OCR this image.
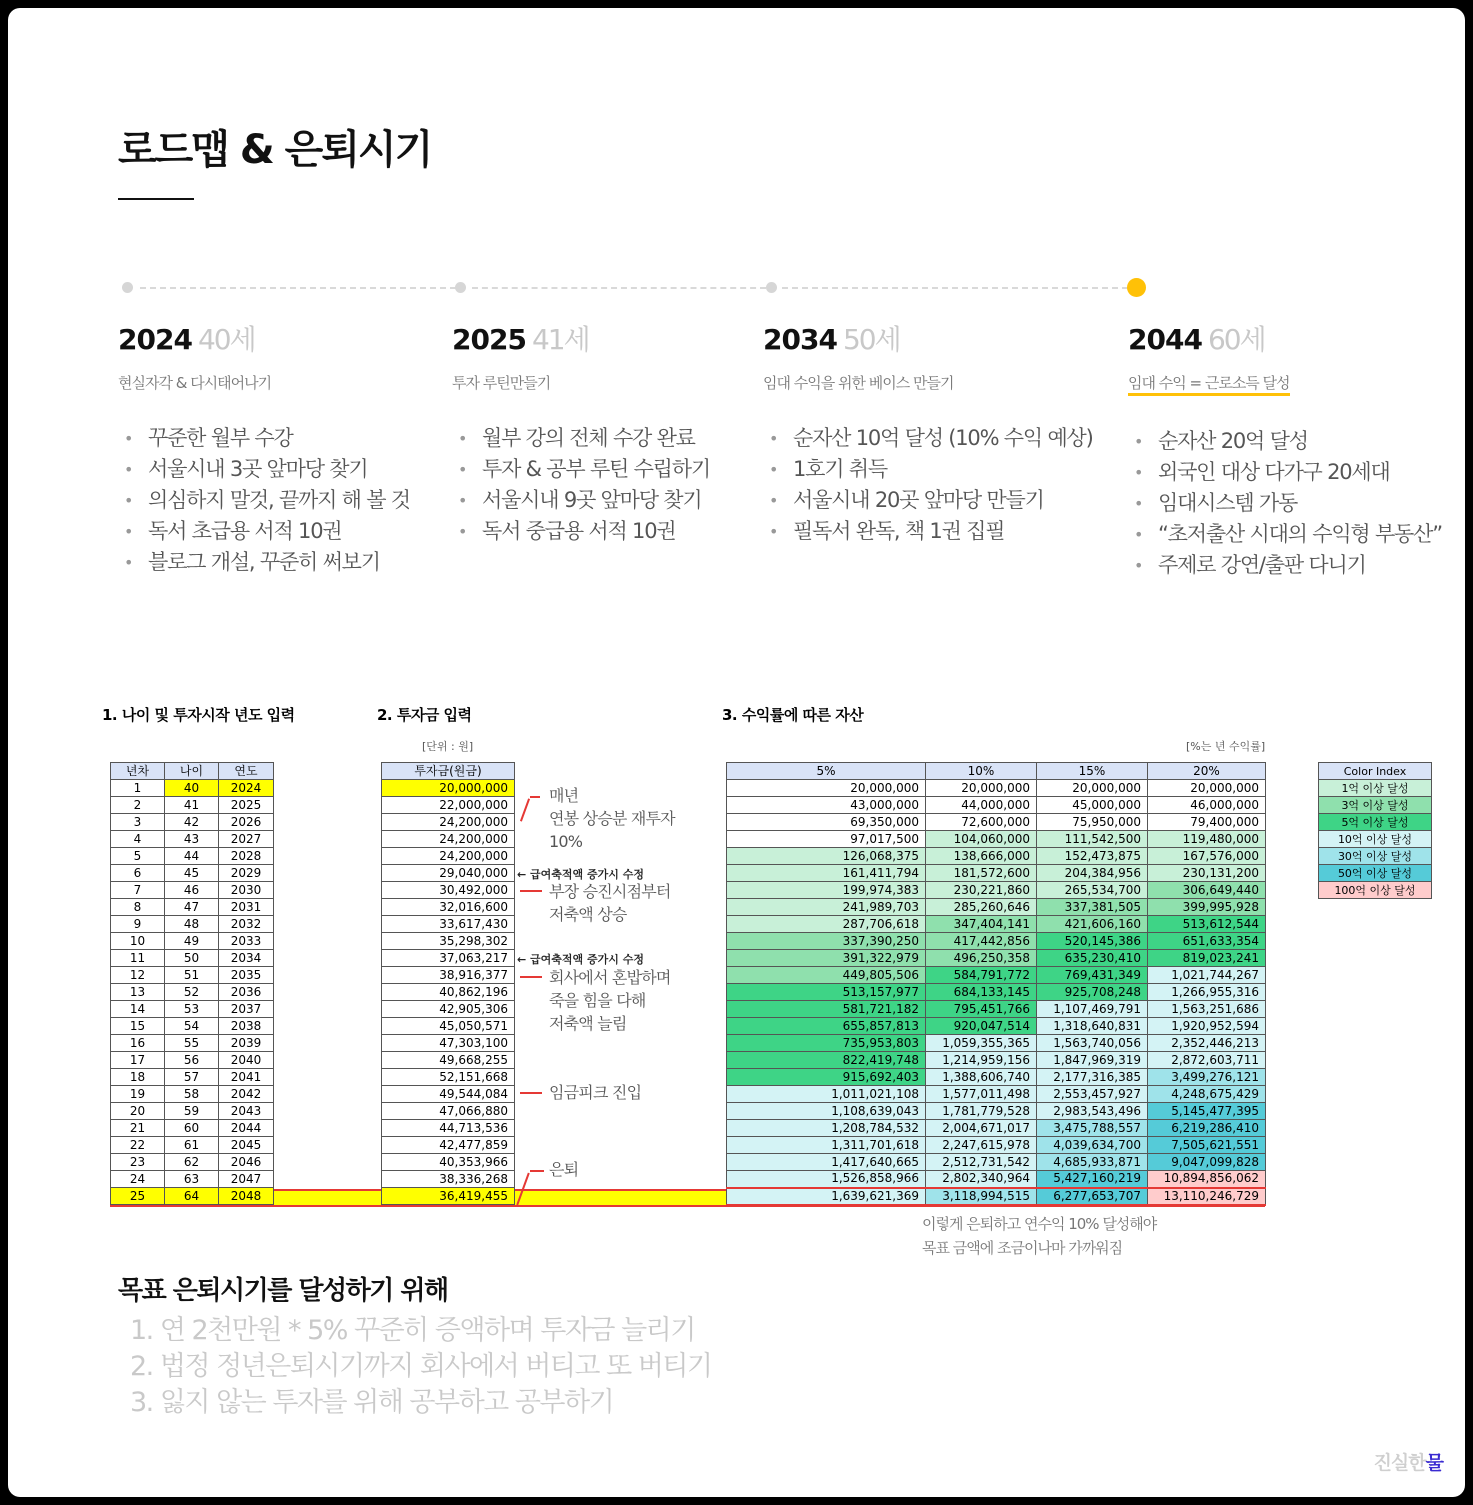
로드맵 & 은퇴시기
2024 40세
현실자각 & 다시태어나기
• 꾸준한 월부 수강
• 서울시내 3곳 앞마당 찾기
• 의심하지 말것, 끝까지 해 볼 것
• 독서 초급용 서적 10권
• 블로그 개설, 꾸준히 써보기
2025 41세
투자 루틴만들기
• 월부 강의 전체 수강 완료
• 투자 & 공부 루틴 수립하기
• 서울시내 9곳 앞마당 찾기
• 독서 중급용 서적 10권
2034 50세
임대 수익을 위한 베이스 만들기
• 순자산 10억 달성 (10% 수익 예상)
• 1호기 취득
• 서울시내 20곳 앞마당 만들기
• 필독서 완독, 책 1권 집필
2044 60세
임대 수익 = 근로소득 달성
• 순자산 20억 달성
• 외국인 대상 다가구 20세대
• 임대시스템 가동
• “초저출산 시대의 수익형 부동산”
• 주제로 강연/출판 다니기
1. 나이 및 투자시작 년도 입력	2. 투자금 입력	3. 수익률에 따른 자산
[단위 : 원]	[%는 년 수익률]
년차	나이	연도
1	40	2024
2	41	2025
3	42	2026
4	43	2027
5	44	2028
6	45	2029
7	46	2030
8	47	2031
9	48	2032
10	49	2033
11	50	2034
12	51	2035
13	52	2036
14	53	2037
15	54	2038
16	55	2039
17	56	2040
18	57	2041
19	58	2042
20	59	2043
21	60	2044
22	61	2045
23	62	2046
24	63	2047
25	64	2048
투자금(원금)
20,000,000
22,000,000
24,200,000
24,200,000
24,200,000
29,040,000
30,492,000
32,016,600
33,617,430
35,298,302
37,063,217
38,916,377
40,862,196
42,905,306
45,050,571
47,303,100
49,668,255
52,151,668
49,544,084
47,066,880
44,713,536
42,477,859
40,353,966
38,336,268
36,419,455
5%	10%	15%	20%
20,000,000	20,000,000	20,000,000	20,000,000
43,000,000	44,000,000	45,000,000	46,000,000
69,350,000	72,600,000	75,950,000	79,400,000
97,017,500	104,060,000	111,542,500	119,480,000
126,068,375	138,666,000	152,473,875	167,576,000
161,411,794	181,572,600	204,384,956	230,131,200
199,974,383	230,221,860	265,534,700	306,649,440
241,989,703	285,260,646	337,381,505	399,995,928
287,706,618	347,404,141	421,606,160	513,612,544
337,390,250	417,442,856	520,145,386	651,633,354
391,322,979	496,250,358	635,230,410	819,023,241
449,805,506	584,791,772	769,431,349	1,021,744,267
513,157,977	684,133,145	925,708,248	1,266,955,316
581,721,182	795,451,766	1,107,469,791	1,563,251,686
655,857,813	920,047,514	1,318,640,831	1,920,952,594
735,953,803	1,059,355,365	1,563,740,056	2,352,446,213
822,419,748	1,214,959,156	1,847,969,319	2,872,603,711
915,692,403	1,388,606,740	2,177,316,385	3,499,276,121
1,011,021,108	1,577,011,498	2,553,457,927	4,248,675,429
1,108,639,043	1,781,779,528	2,983,543,496	5,145,477,395
1,208,784,532	2,004,671,017	3,475,788,557	6,219,286,410
1,311,701,618	2,247,615,978	4,039,634,700	7,505,621,551
1,417,640,665	2,512,731,542	4,685,933,871	9,047,099,828
1,526,858,966	2,802,340,964	5,427,160,219	10,894,856,062
1,639,621,369	3,118,994,515	6,277,653,707	13,110,246,729
매년
연봉 상승분 재투자
10%
← 급여축적액 증가시 수정
부장 승진시점부터
저축액 상승
← 급여축적액 증가시 수정
회사에서 혼밥하며
죽을 힘을 다해
저축액 늘림
임금피크 진입
은퇴
Color Index
1억 이상 달성
3억 이상 달성
5억 이상 달성
10억 이상 달성
30억 이상 달성
50억 이상 달성
100억 이상 달성
이렇게 은퇴하고 연수익 10% 달성해야
목표 금액에 조금이나마 가까워짐
목표 은퇴시기를 달성하기 위해
1. 연 2천만원 * 5% 꾸준히 증액하며 투자금 늘리기
2. 법정 정년은퇴시기까지 회사에서 버티고 또 버티기
3. 잃지 않는 투자를 위해 공부하고 공부하기
진실한물
